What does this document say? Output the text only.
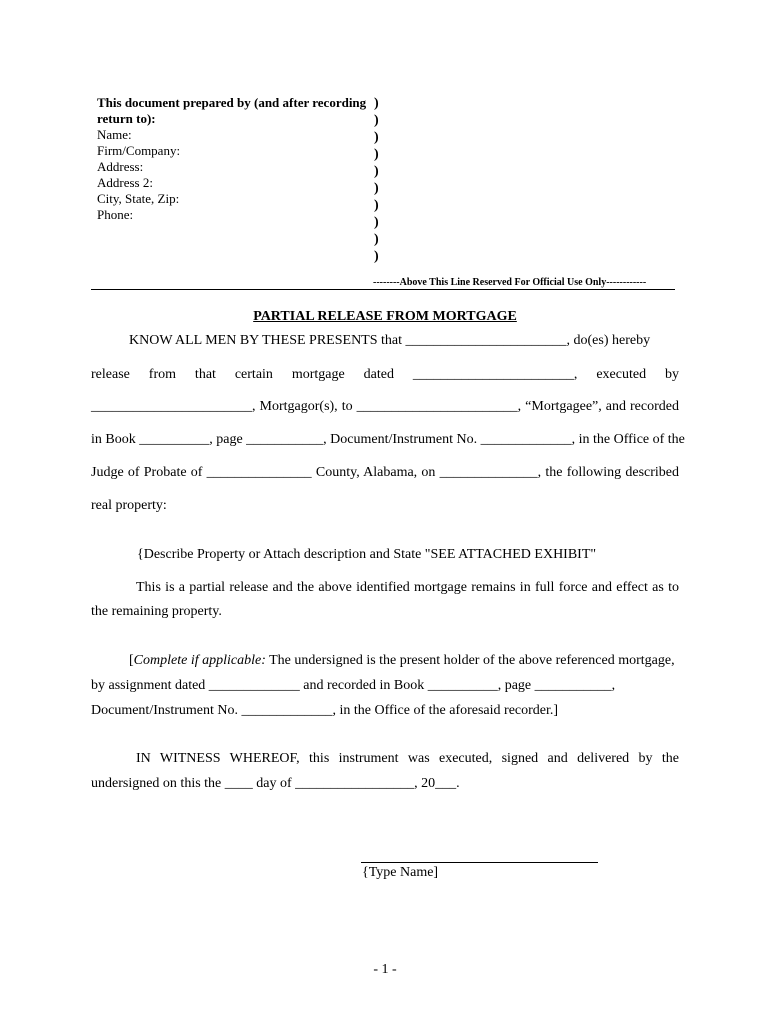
This document prepared by (and after recording
return to):
Name:
Firm/Company:
Address:
Address 2:
City, State, Zip:
Phone:
)
)
)
)
)
)
)
)
)
)
--------Above This Line Reserved For Official Use Only------------
PARTIAL RELEASE FROM MORTGAGE
KNOW ALL MEN BY THESE PRESENTS that _______________________, do(es) hereby
release from that certain mortgage dated _______________________, executed by
_______________________, Mortgagor(s), to _______________________, “Mortgagee”, and recorded
in Book __________, page ___________, Document/Instrument No. _____________, in the Office of the
Judge of Probate of _______________ County, Alabama, on ______________, the following described
real property:
{Describe Property or Attach description and State "SEE ATTACHED EXHIBIT"
This is a partial release and the above identified mortgage remains in full force and effect as to
the remaining property.
[Complete if applicable: The undersigned is the present holder of the above referenced mortgage,
by assignment dated _____________ and recorded in Book __________, page ___________,
Document/Instrument No. _____________, in the Office of the aforesaid recorder.]
IN WITNESS WHEREOF, this instrument was executed, signed and delivered by the
undersigned on this the ____ day of _________________, 20___.
{Type Name]
- 1 -
